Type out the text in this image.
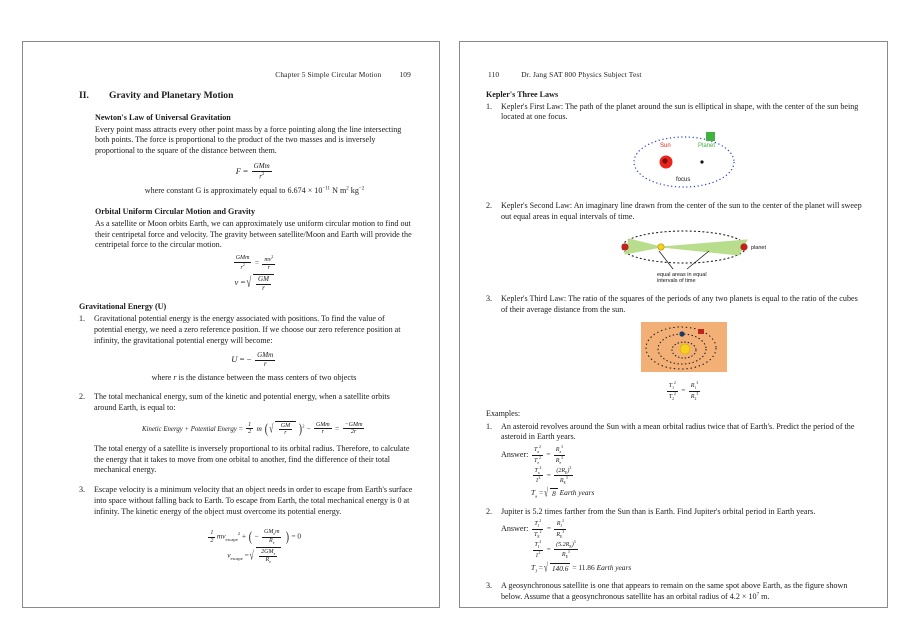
Chapter 5 Simple Circular Motion 109
II.	Gravity and Planetary Motion
Newton's Law of Universal Gravitation

Every point mass attracts every other point mass by a force pointing along the line intersecting both points. The force is proportional to the product of the two masses and is inversely proportional to the square of the distance between them.

$F = \frac{\text{GMm}}{r^2}$

where constant G is approximately equal to $6.674 \times 10^{-11}$ N $m^2$ $kg^{-2}$

Orbital Uniform Circular Motion and Gravity

As a satellite or Moon orbits Earth, we can approximately use uniform circular motion to find out their centripetal force and velocity. The gravity between satellite/Moon and Earth will provide the centripetal force to the circular motion.

$\frac{\text{GMm}}{r^2} = \frac{mv^2}{r}$
v = √ $\frac{GM}{r}$
Gravitational Energy (U)
1. Gravitational potential energy is the energy associated with positions. To find the value of potential energy, we need a zero reference position. If we choose our zero reference position at infinity, the gravitational potential energy will become:
U = − $\frac{\text{GMm}}{r}$
where r is the distance between the mass centers of two objects
2. The total mechanical energy, sum of the kinetic and potential energy, when a satellite orbits around Earth, is equal to:
Kinetic Energy + Potential Energy = $\frac{1}{2}$ m ( √ $\frac{GM}{r} )^2 - \frac{\text{GMm}}{r} = \frac{\text{−GMm}}{2r}$

The total energy of a satellite is inversely proportional to its orbital radius. Therefore, to calculate the energy that it takes to move from one orbital to another, find the difference of their total mechanical energy.

3. Escape velocity is a minimum velocity that an object needs in order to escape from Earth's surface into space without falling back to Earth. To escape from Earth, the total mechanical energy is 0 at infinity. The kinetic energy of the object must overcome its potential energy.
$\frac{1}{2} mv_{escape}^2$ + ( − $\frac{GM_em}{R_e}$ ) = 0
$v_{escape}$ = √ $\frac{2GM_e}{R_e}$
110	Dr. Jang SAT 800 Physics Subject Test
Kepler's Three Laws
1. Kepler's First Law: The path of the planet around the sun is elliptical in shape, with the center of the sun being located at one focus.
Sun	Planet
focus
2. Kepler's Second Law: An imaginary line drawn from the center of the sun to the center of the planet will sweep out equal areas in equal intervals of time.
planet
equal areas in equal
intervals of time
3. Kepler's Third Law: The ratio of the squares of the periods of any two planets is equal to the ratio of the cubes of their average distance from the sun.
$\frac{T_1^2}{T_2^2} = \frac{R_1^3}{R_2^3}$

Examples:

1. An asteroid revolves around the Sun with a mean orbital radius twice that of Earth's. Predict the period of the asteroid in Earth years.
Answer: $\frac{T_a^2}{T_e^2} = \frac{R_a^3}{R_e^3}$
$\frac{T_a^2}{1^2} = \frac{(2R_E)^3}{R_E^3}$
$T_a$ = √ 8 Earth years
2. Jupiter is 5.2 times farther from the Sun than is Earth. Find Jupiter's orbital period in Earth years.
Answer: $\frac{T_J^2}{T_E^2} = \frac{R_J^3}{R_E^3}$
$\frac{T_J^2}{1^2} = \frac{(5.2R_E)^3}{R_E^3}$
$T_J$ = √ 140.6 = 11.86 Earth years
3. A geosynchronous satellite is one that appears to remain on the same spot above Earth, as the figure shown below. Assume that a geosynchronous satellite has an orbital radius of $4.2 \times 10^7$ m.
